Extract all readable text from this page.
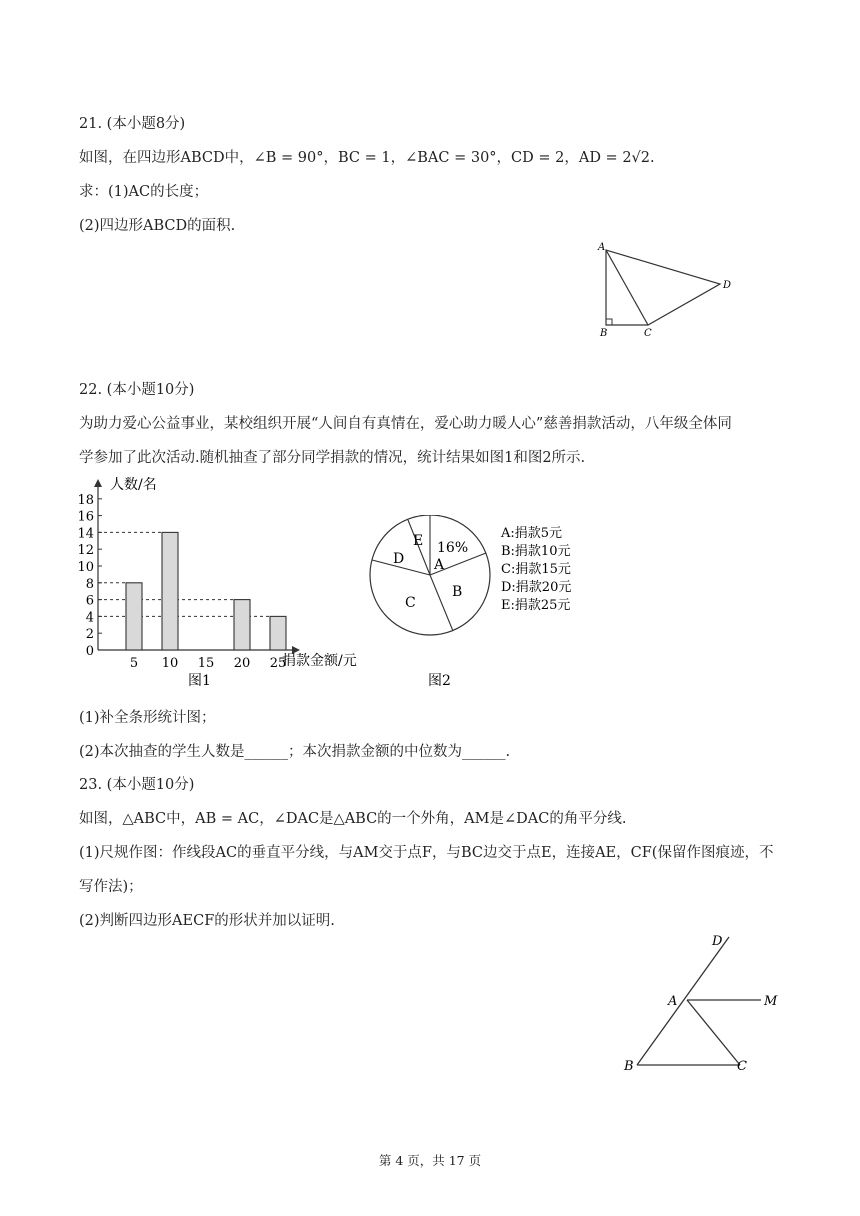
21. (本小题8分)
如图，在四边形ABCD中，∠B = 90°，BC = 1，∠BAC = 30°，CD = 2，AD = 2√2.
求：(1)AC的长度；
(2)四边形ABCD的面积.
A
B	C
D
22. (本小题10分)
为助力爱心公益事业，某校组织开展“人间自有真情在，爱心助力暖人心”慈善捐款活动，八年级全体同
学参加了此次活动.随机抽查了部分同学捐款的情况，统计结果如图1和图2所示.
0
2
4
6
8
10
12
14
16
18
5 10 15 20 25
人数/名
捐款金额/元
图1
16%
A
B
C
D
E	A:捐款5元
B:捐款10元
C:捐款15元
D:捐款20元
E:捐款25元
图2
(1)补全条形统计图；
(2)本次抽查的学生人数是______；本次捐款金额的中位数为______.
23. (本小题10分)
如图，△ABC中，AB = AC，∠DAC是△ABC的一个外角，AM是∠DAC的角平分线.
(1)尺规作图：作线段AC的垂直平分线，与AM交于点F，与BC边交于点E，连接AE，CF(保留作图痕迹，不
写作法)；
(2)判断四边形AECF的形状并加以证明.
D
A	M
B	C
第 4 页，共 17 页
